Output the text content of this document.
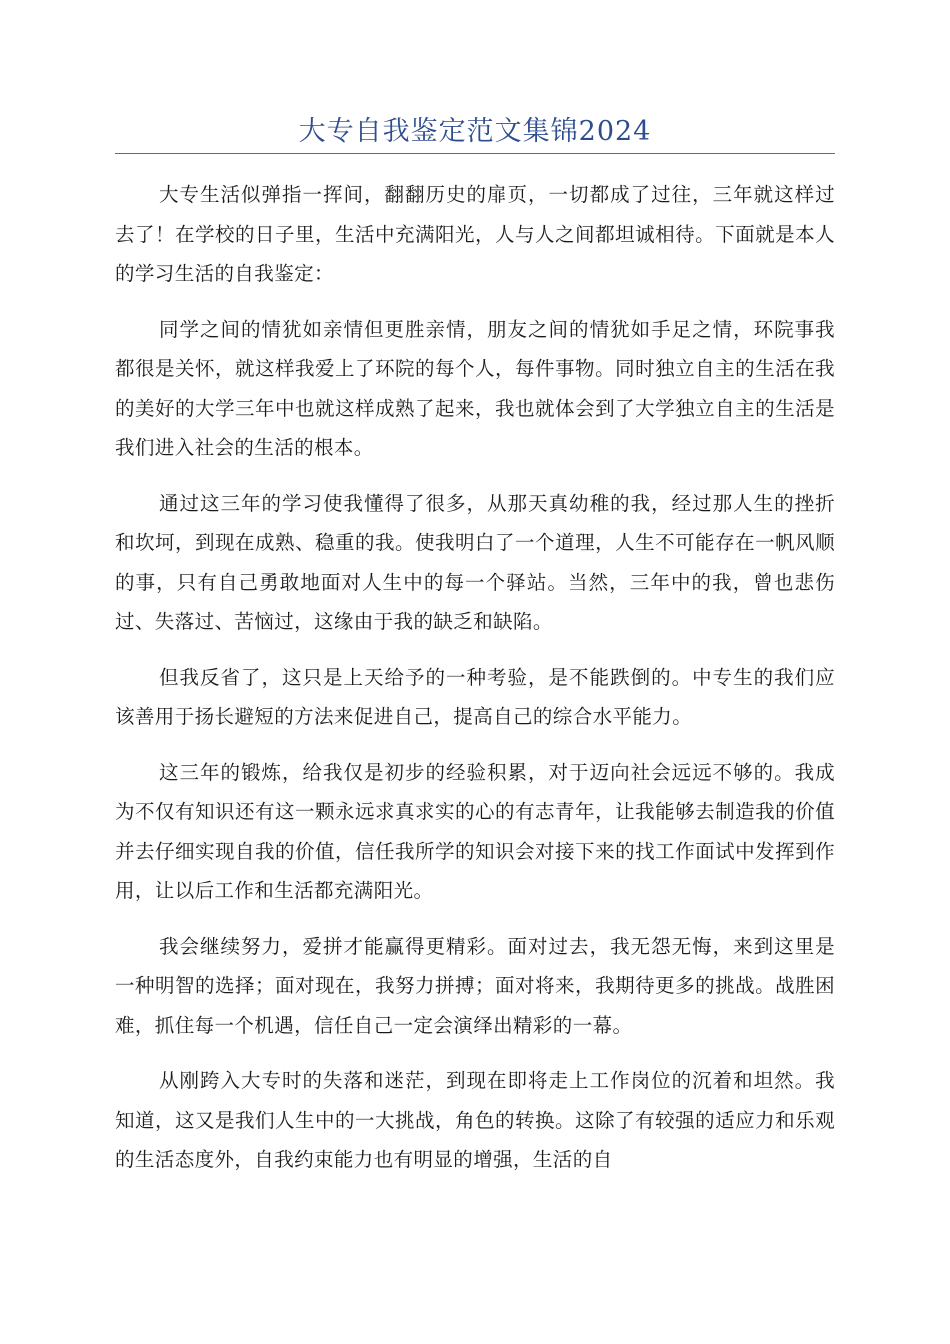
大专自我鉴定范文集锦2024

大专生活似弹指一挥间，翻翻历史的扉页，一切都成了过往，三年就这样过去了！在学校的日子里，生活中充满阳光，人与人之间都坦诚相待。下面就是本人的学习生活的自我鉴定：

同学之间的情犹如亲情但更胜亲情，朋友之间的情犹如手足之情，环院事我都很是关怀，就这样我爱上了环院的每个人，每件事物。同时独立自主的生活在我的美好的大学三年中也就这样成熟了起来，我也就体会到了大学独立自主的生活是我们进入社会的生活的根本。

通过这三年的学习使我懂得了很多，从那天真幼稚的我，经过那人生的挫折和坎坷，到现在成熟、稳重的我。使我明白了一个道理，人生不可能存在一帆风顺的事，只有自己勇敢地面对人生中的每一个驿站。当然，三年中的我，曾也悲伤过、失落过、苦恼过，这缘由于我的缺乏和缺陷。

但我反省了，这只是上天给予的一种考验，是不能跌倒的。中专生的我们应该善用于扬长避短的方法来促进自己，提高自己的综合水平能力。

这三年的锻炼，给我仅是初步的经验积累，对于迈向社会远远不够的。我成为不仅有知识还有这一颗永远求真求实的心的有志青年，让我能够去制造我的价值并去仔细实现自我的价值，信任我所学的知识会对接下来的找工作面试中发挥到作用，让以后工作和生活都充满阳光。

我会继续努力，爱拼才能赢得更精彩。面对过去，我无怨无悔，来到这里是一种明智的选择；面对现在，我努力拼搏；面对将来，我期待更多的挑战。战胜困难，抓住每一个机遇，信任自己一定会演绎出精彩的一幕。

从刚跨入大专时的失落和迷茫，到现在即将走上工作岗位的沉着和坦然。我知道，这又是我们人生中的一大挑战，角色的转换。这除了有较强的适应力和乐观的生活态度外，自我约束能力也有明显的增强，生活的自
